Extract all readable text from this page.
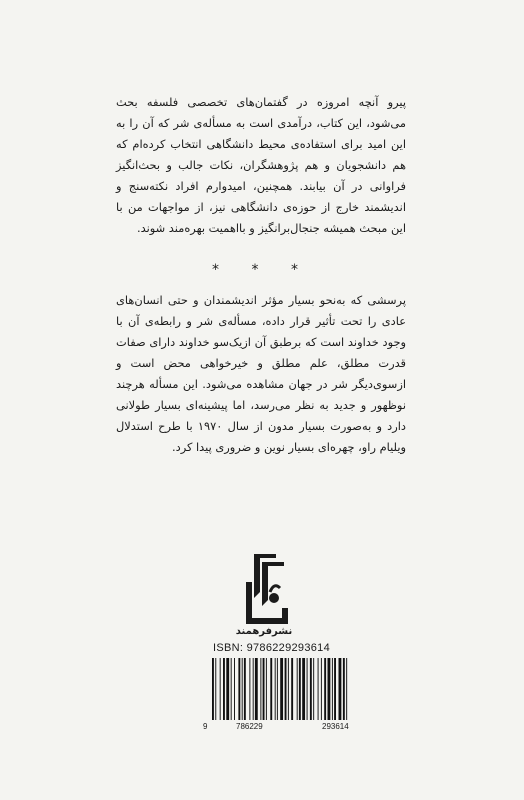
پیرو آنچه امروزه در گفتمان‌های تخصصی فلسفه بحث می‌شود، این کتاب، درآمدی است به مسأله‌ی شر که آن را به این امید برای استفاده‌ی محیط دانشگاهی انتخاب کرده‌ام که هم دانشجویان و هم پژوهشگران، نکات جالب و بحث‌انگیز فراوانی در آن بیابند. همچنین، امیدوارم افراد نکته‌سنج و اندیشمند خارج از حوزه‌ی دانشگاهی نیز، از مواجهات من با این مبحث همیشه جنجال‌برانگیز و بااهمیت بهره‌مند شوند.
* * *
پرسشی که به‌نحو بسیار مؤثر اندیشمندان و حتی انسان‌های عادی را تحت تأثیر قرار داده، مسأله‌ی شر و رابطه‌ی آن با وجود خداوند است که برطبق آن ازیک‌سو خداوند دارای صفات قدرت مطلق، علم مطلق و خیرخواهی محض است و ازسوی‌دیگر شر در جهان مشاهده می‌شود. این مسأله هرچند نوظهور و جدید به نظر می‌رسد، اما پیشینه‌ای بسیار طولانی دارد و به‌صورت بسیار مدون از سال ۱۹۷۰ با طرح استدلال ویلیام راو، چهره‌ای بسیار نوین و ضروری پیدا کرد.
نشرفرهمند
ISBN: 9786229293614
9	786229	293614
